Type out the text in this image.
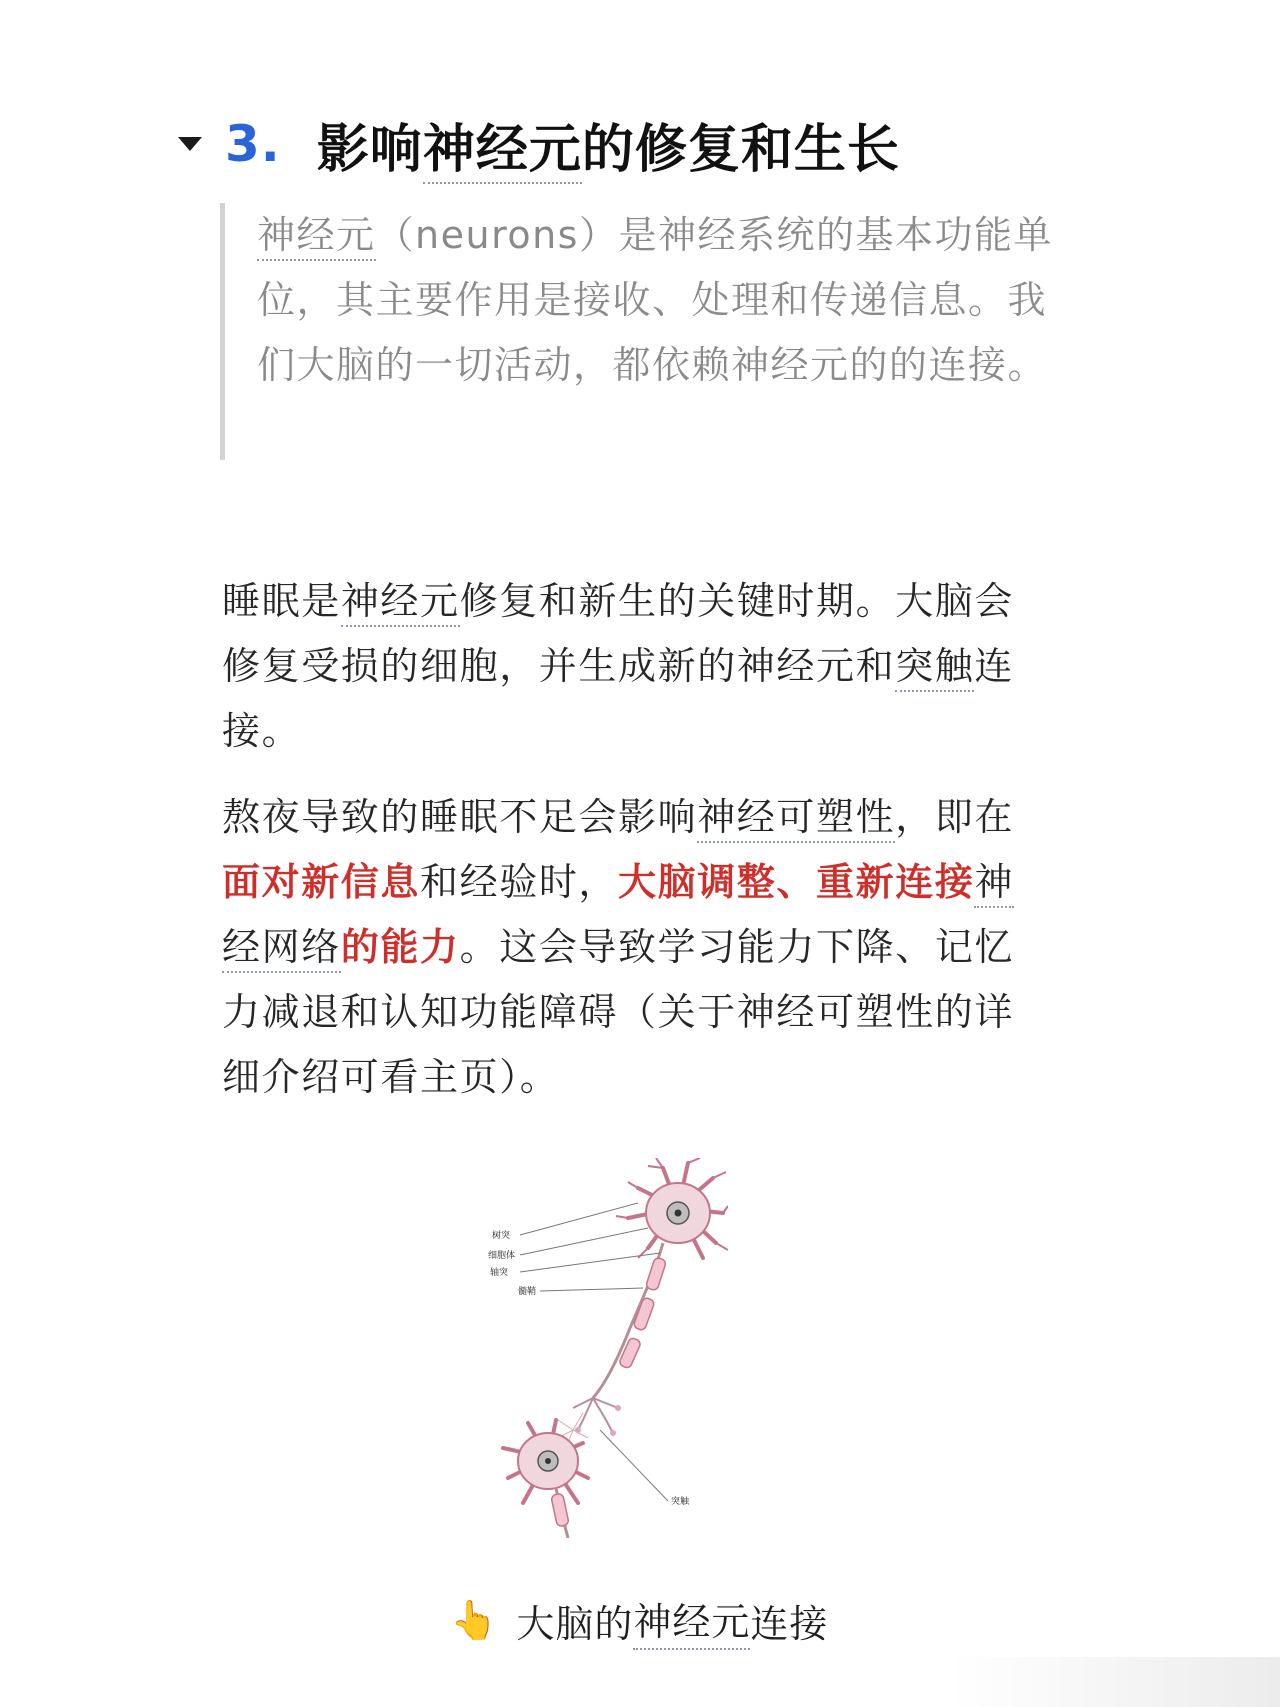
3. 影响神经元的修复和生长

神经元（neurons）是神经系统的基本功能单位，其主要作用是接收、处理和传递信息。我们大脑的一切活动，都依赖神经元的的连接。

睡眠是神经元修复和新生的关键时期。大脑会修复受损的细胞，并生成新的神经元和突触连接。

熬夜导致的睡眠不足会影响神经可塑性，即在面对新信息和经验时，大脑调整、重新连接神经网络的能力。这会导致学习能力下降、记忆力减退和认知功能障碍（关于神经可塑性的详细介绍可看主页）。

树突
细胞体
轴突
髓鞘
突触
👆 大脑的 神经元 连接
